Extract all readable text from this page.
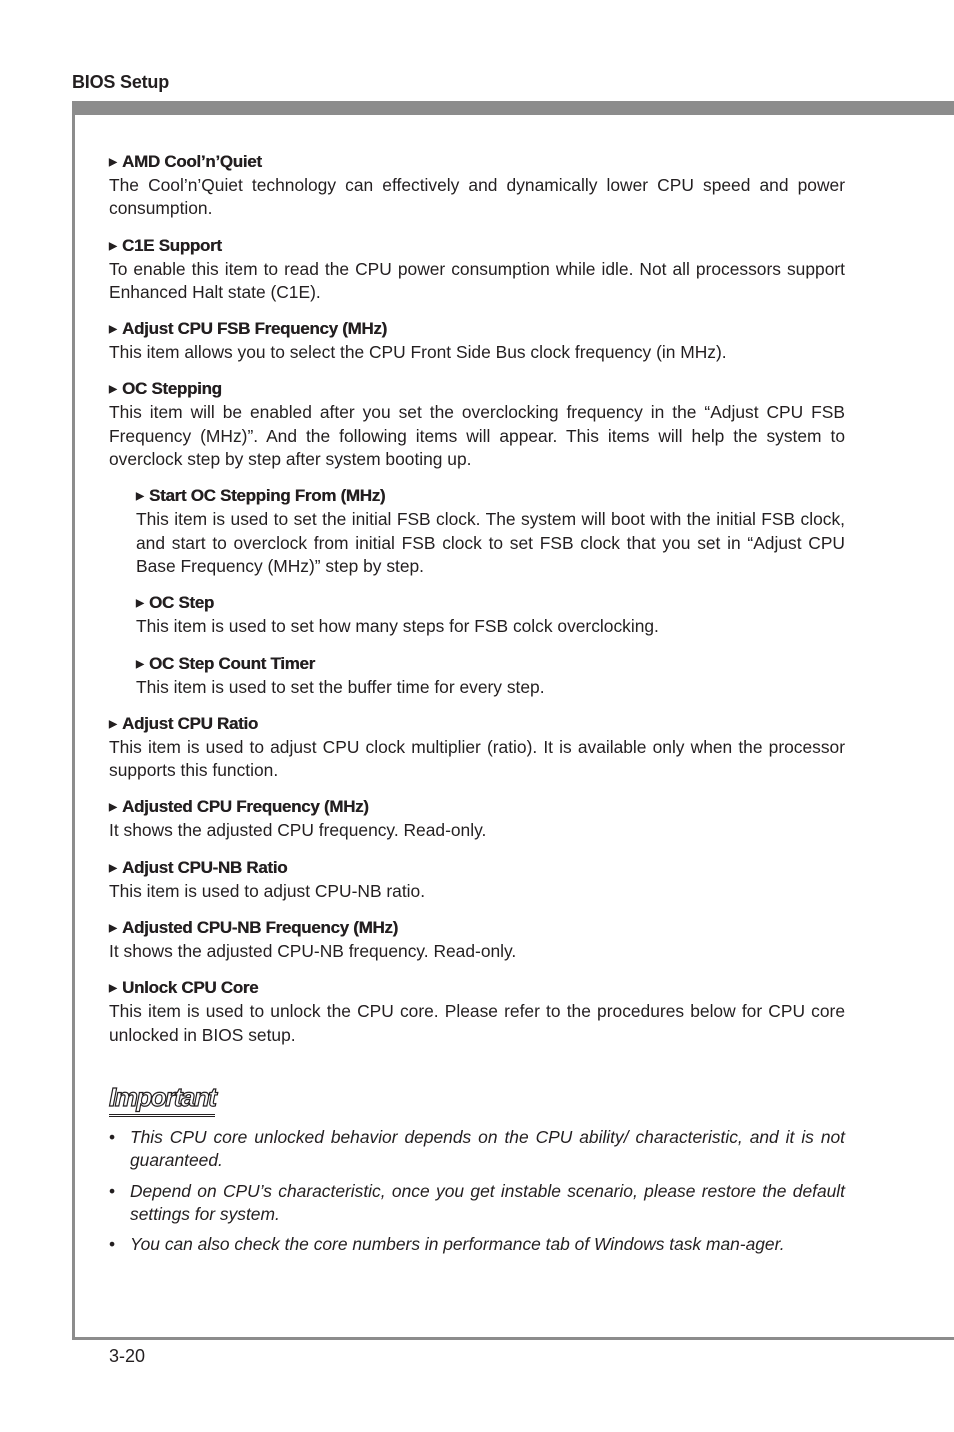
BIOS Setup
▶ AMD Cool’n’Quiet
The Cool’n’Quiet technology can effectively and dynamically lower CPU speed and power consumption.
▶ C1E Support
To enable this item to read the CPU power consumption while idle. Not all processors support Enhanced Halt state (C1E).
▶ Adjust CPU FSB Frequency (MHz)
This item allows you to select the CPU Front Side Bus clock frequency (in MHz).
▶ OC Stepping
This item will be enabled after you set the overclocking frequency in the “Adjust CPU FSB Frequency (MHz)”. And the following items will appear. This items will help the system to overclock step by step after system booting up.
▶ Start OC Stepping From (MHz)
This item is used to set the initial FSB clock. The system will boot with the initial FSB clock, and start to overclock from initial FSB clock to set FSB clock that you set in “Adjust CPU Base Frequency (MHz)” step by step.
▶ OC Step
This item is used to set how many steps for FSB colck overclocking.
▶ OC Step Count Timer
This item is used to set the buffer time for every step.
▶ Adjust CPU Ratio
This item is used to adjust CPU clock multiplier (ratio). It is available only when the processor supports this function.
▶ Adjusted CPU Frequency (MHz)
It shows the adjusted CPU frequency. Read-only.
▶ Adjust CPU-NB Ratio
This item is used to adjust CPU-NB ratio.
▶ Adjusted CPU-NB Frequency (MHz)
It shows the adjusted CPU-NB frequency. Read-only.
▶ Unlock CPU Core
This item is used to unlock the CPU core. Please refer to the procedures below for CPU core unlocked in BIOS setup.
Important
• This CPU core unlocked behavior depends on the CPU ability/ characteristic, and it is not guaranteed.
• Depend on CPU’s characteristic, once you get instable scenario, please restore the default settings for system.
• You can also check the core numbers in performance tab of Windows task man-ager.
3-20
